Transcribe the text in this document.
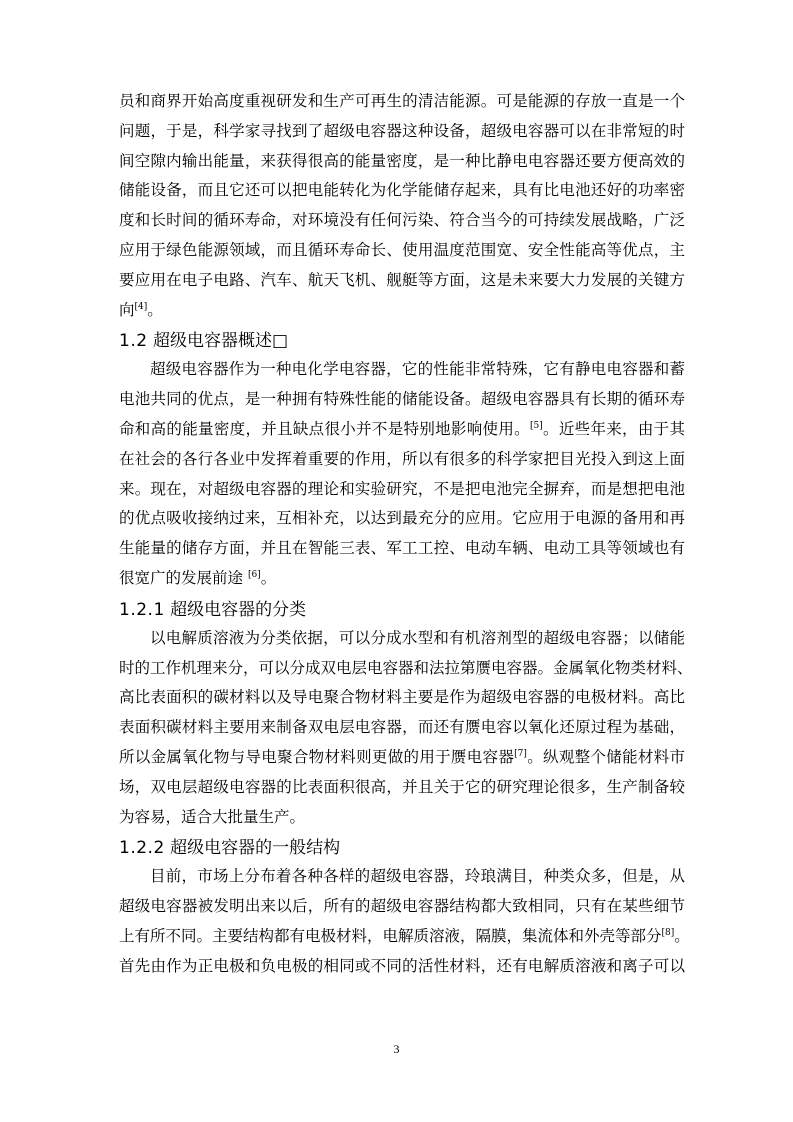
员和商界开始高度重视研发和生产可再生的清洁能源。可是能源的存放一直是一个
问题，于是，科学家寻找到了超级电容器这种设备，超级电容器可以在非常短的时
间空隙内输出能量，来获得很高的能量密度，是一种比静电电容器还要方便高效的
储能设备，而且它还可以把电能转化为化学能储存起来，具有比电池还好的功率密
度和长时间的循环寿命，对环境没有任何污染、符合当今的可持续发展战略，广泛
应用于绿色能源领域，而且循环寿命长、使用温度范围宽、安全性能高等优点，主
要应用在电子电路、汽车、航天飞机、舰艇等方面，这是未来要大力发展的关键方
向[4]。
1.2 超级电容器概述□
超级电容器作为一种电化学电容器，它的性能非常特殊，它有静电电容器和蓄
电池共同的优点，是一种拥有特殊性能的储能设备。超级电容器具有长期的循环寿
命和高的能量密度，并且缺点很小并不是特别地影响使用。[5]。近些年来，由于其
在社会的各行各业中发挥着重要的作用，所以有很多的科学家把目光投入到这上面
来。现在，对超级电容器的理论和实验研究，不是把电池完全摒弃，而是想把电池
的优点吸收接纳过来，互相补充，以达到最充分的应用。它应用于电源的备用和再
生能量的储存方面，并且在智能三表、军工工控、电动车辆、电动工具等领域也有
很宽广的发展前途 [6]。
1.2.1 超级电容器的分类
以电解质溶液为分类依据，可以分成水型和有机溶剂型的超级电容器；以储能
时的工作机理来分，可以分成双电层电容器和法拉第赝电容器。金属氧化物类材料、
高比表面积的碳材料以及导电聚合物材料主要是作为超级电容器的电极材料。高比
表面积碳材料主要用来制备双电层电容器，而还有赝电容以氧化还原过程为基础，
所以金属氧化物与导电聚合物材料则更做的用于赝电容器[7]。纵观整个储能材料市
场，双电层超级电容器的比表面积很高，并且关于它的研究理论很多，生产制备较
为容易，适合大批量生产。
1.2.2 超级电容器的一般结构
目前，市场上分布着各种各样的超级电容器，玲琅满目，种类众多，但是，从
超级电容器被发明出来以后，所有的超级电容器结构都大致相同，只有在某些细节
上有所不同。主要结构都有电极材料，电解质溶液，隔膜，集流体和外壳等部分[8]。
首先由作为正电极和负电极的相同或不同的活性材料，还有电解质溶液和离子可以
3
